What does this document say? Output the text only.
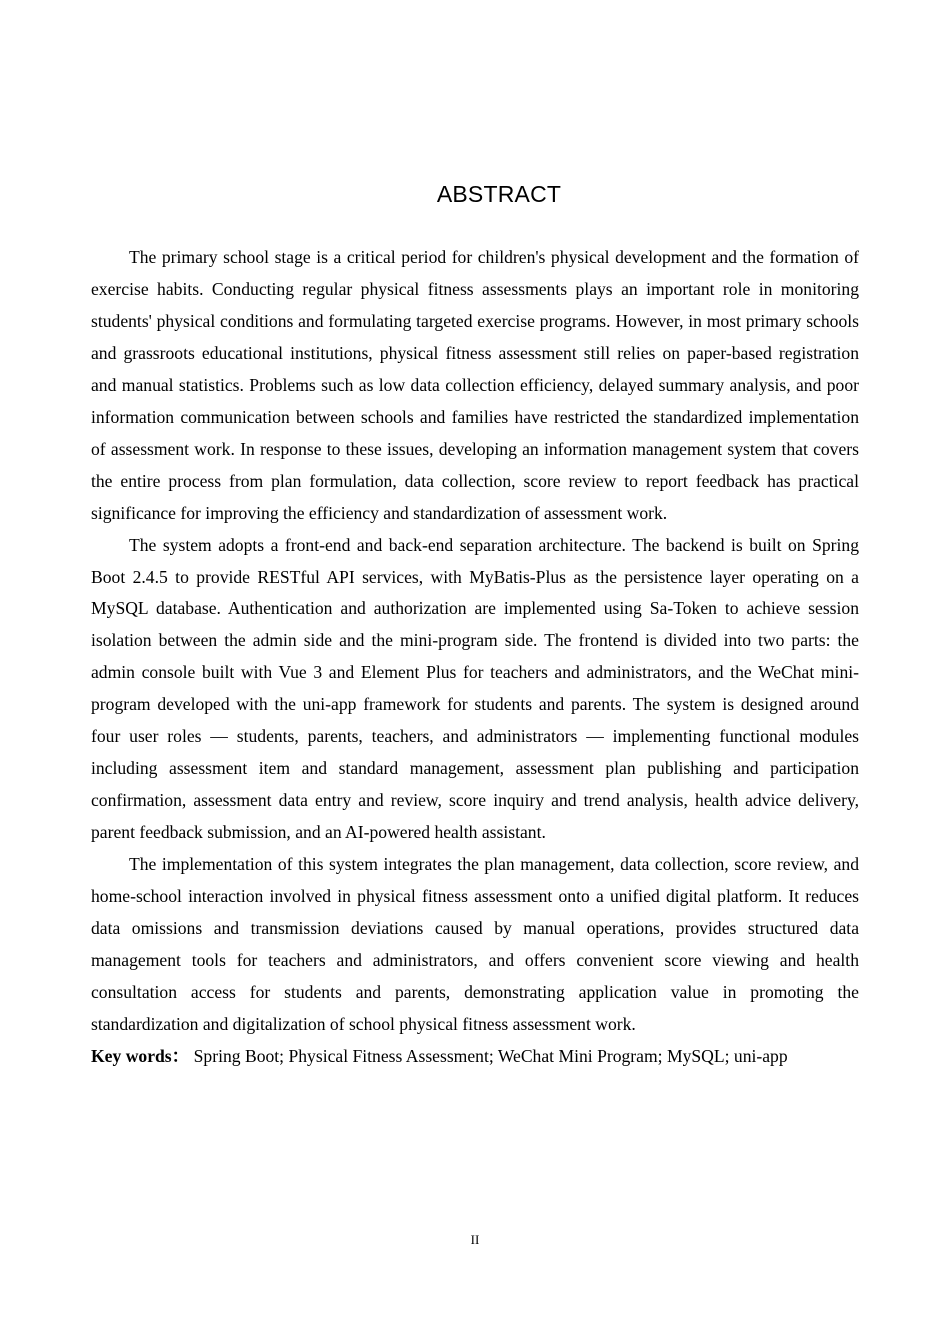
ABSTRACT

The primary school stage is a critical period for children's physical development and the formation of exercise habits. Conducting regular physical fitness assessments plays an important role in monitoring students' physical conditions and formulating targeted exercise programs. However, in most primary schools and grassroots educational institutions, physical fitness assessment still relies on paper-based registration and manual statistics. Problems such as low data collection efficiency, delayed summary analysis, and poor information communication between schools and families have restricted the standardized implementation of assessment work. In response to these issues, developing an information management system that covers the entire process from plan formulation, data collection, score review to report feedback has practical significance for improving the efficiency and standardization of assessment work.

The system adopts a front-end and back-end separation architecture. The backend is built on Spring Boot 2.4.5 to provide RESTful API services, with MyBatis-Plus as the persistence layer operating on a MySQL database. Authentication and authorization are implemented using Sa-Token to achieve session isolation between the admin side and the mini-program side. The frontend is divided into two parts: the admin console built with Vue 3 and Element Plus for teachers and administrators, and the WeChat mini-program developed with the uni-app framework for students and parents. The system is designed around four user roles — students, parents, teachers, and administrators — implementing functional modules including assessment item and standard management, assessment plan publishing and participation confirmation, assessment data entry and review, score inquiry and trend analysis, health advice delivery, parent feedback submission, and an AI-powered health assistant.

The implementation of this system integrates the plan management, data collection, score review, and home-school interaction involved in physical fitness assessment onto a unified digital platform. It reduces data omissions and transmission deviations caused by manual operations, provides structured data management tools for teachers and administrators, and offers convenient score viewing and health consultation access for students and parents, demonstrating application value in promoting the standardization and digitalization of school physical fitness assessment work.

Key words： Spring Boot; Physical Fitness Assessment; WeChat Mini Program; MySQL; uni-app

II
